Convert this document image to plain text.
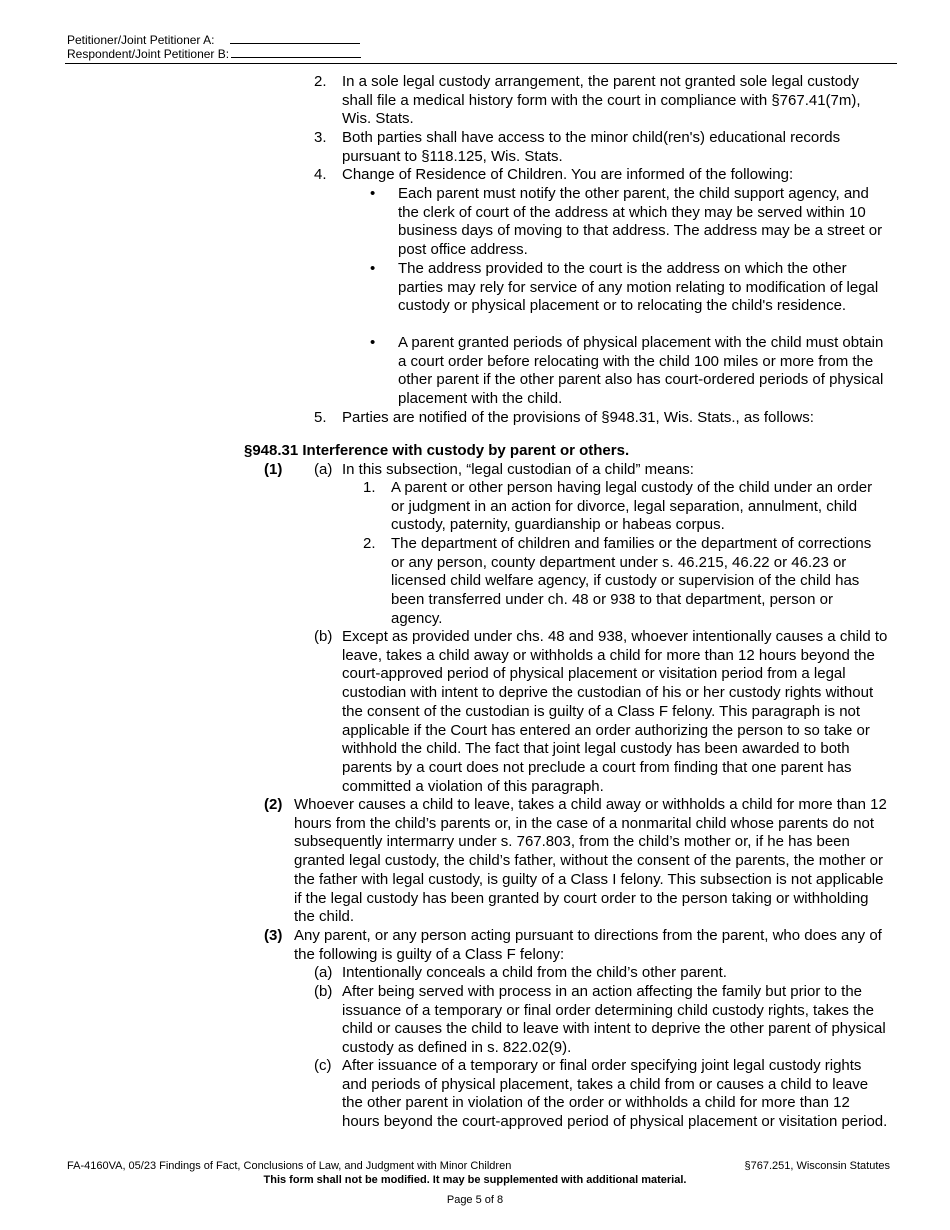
Petitioner/Joint Petitioner A:
Respondent/Joint Petitioner B:
2. In a sole legal custody arrangement, the parent not granted sole legal custody shall file a medical history form with the court in compliance with §767.41(7m), Wis. Stats.
3. Both parties shall have access to the minor child(ren's) educational records pursuant to §118.125, Wis. Stats.
4. Change of Residence of Children. You are informed of the following:
• Each parent must notify the other parent, the child support agency, and the clerk of court of the address at which they may be served within 10 business days of moving to that address. The address may be a street or post office address.
• The address provided to the court is the address on which the other parties may rely for service of any motion relating to modification of legal custody or physical placement or to relocating the child's residence.
• A parent granted periods of physical placement with the child must obtain a court order before relocating with the child 100 miles or more from the other parent if the other parent also has court-ordered periods of physical placement with the child.
5. Parties are notified of the provisions of §948.31, Wis. Stats., as follows:
§948.31 Interference with custody by parent or others.
(1) (a) In this subsection, “legal custodian of a child” means:
1. A parent or other person having legal custody of the child under an order or judgment in an action for divorce, legal separation, annulment, child custody, paternity, guardianship or habeas corpus.
2. The department of children and families or the department of corrections or any person, county department under s. 46.215, 46.22 or 46.23 or licensed child welfare agency, if custody or supervision of the child has been transferred under ch. 48 or 938 to that department, person or agency.
(b) Except as provided under chs. 48 and 938, whoever intentionally causes a child to leave, takes a child away or withholds a child for more than 12 hours beyond the court-approved period of physical placement or visitation period from a legal custodian with intent to deprive the custodian of his or her custody rights without the consent of the custodian is guilty of a Class F felony. This paragraph is not applicable if the Court has entered an order authorizing the person to so take or withhold the child. The fact that joint legal custody has been awarded to both parents by a court does not preclude a court from finding that one parent has committed a violation of this paragraph.
(2) Whoever causes a child to leave, takes a child away or withholds a child for more than 12 hours from the child’s parents or, in the case of a nonmarital child whose parents do not subsequently intermarry under s. 767.803, from the child’s mother or, if he has been granted legal custody, the child’s father, without the consent of the parents, the mother or the father with legal custody, is guilty of a Class I felony. This subsection is not applicable if the legal custody has been granted by court order to the person taking or withholding the child.
(3) Any parent, or any person acting pursuant to directions from the parent, who does any of the following is guilty of a Class F felony:
(a) Intentionally conceals a child from the child’s other parent.
(b) After being served with process in an action affecting the family but prior to the issuance of a temporary or final order determining child custody rights, takes the child or causes the child to leave with intent to deprive the other parent of physical custody as defined in s. 822.02(9).
(c) After issuance of a temporary or final order specifying joint legal custody rights and periods of physical placement, takes a child from or causes a child to leave the other parent in violation of the order or withholds a child for more than 12 hours beyond the court-approved period of physical placement or visitation period.
FA-4160VA, 05/23 Findings of Fact, Conclusions of Law, and Judgment with Minor Children	§767.251, Wisconsin Statutes
This form shall not be modified. It may be supplemented with additional material.
Page 5 of 8
